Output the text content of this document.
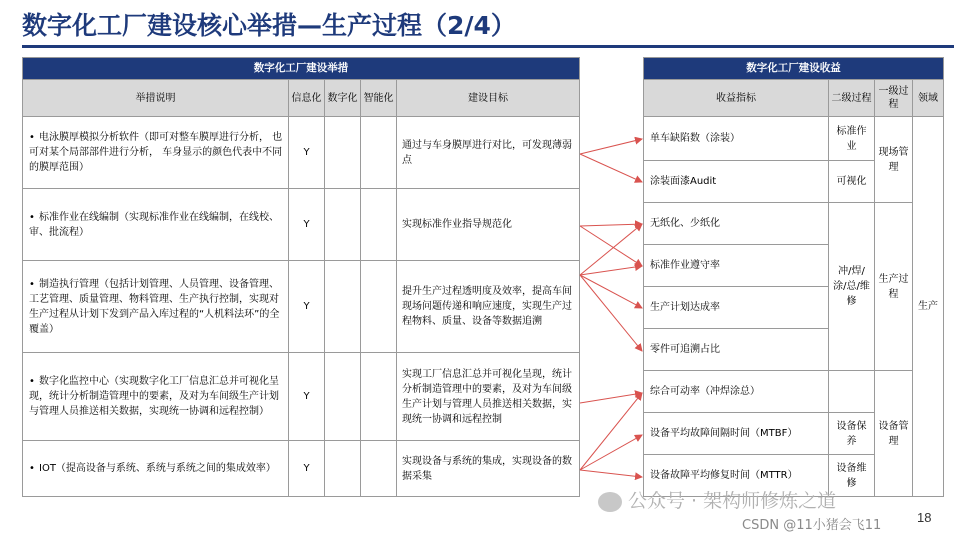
数字化工厂建设核心举措—生产过程（2/4）
数字化工厂建设举措				
举措说明	信息化	数字化	智能化	建设目标
• 电泳膜厚模拟分析软件（即可对整车膜厚进行分析， 也可对某个局部部件进行分析， 车身显示的颜色代表中不同的膜厚范围）	Y			通过与车身膜厚进行对比，可发现薄弱点
• 标准作业在线编制（实现标准作业在线编制，在线校、审、批流程）	Y			实现标准作业指导规范化
• 制造执行管理（包括计划管理、人员管理、设备管理、工艺管理、质量管理、物料管理、生产执行控制，实现对生产过程从计划下发到产品入库过程的“人机料法环”的全覆盖）	Y			提升生产过程透明度及效率，提高车间现场问题传递和响应速度，实现生产过程物料、质量、设备等数据追溯
• 数字化监控中心（实现数字化工厂信息汇总并可视化呈现，统计分析制造管理中的要素，及对为车间级生产计划与管理人员推送相关数据，实现统一协调和远程控制）	Y			实现工厂信息汇总并可视化呈现，统计分析制造管理中的要素，及对为车间级生产计划与管理人员推送相关数据，实现统一协调和远程控制
• IOT（提高设备与系统、系统与系统之间的集成效率）	Y			实现设备与系统的集成，实现设备的数据采集
数字化工厂建设收益			
收益指标	二级过程	一级过程	领域
单车缺陷数（涂装）	标准作业	现场管理	生产
涂装面漆Audit	可视化		
无纸化、少纸化	冲/焊/涂/总/维修	生产过程	
标准作业遵守率			
生产计划达成率			
零件可追溯占比			
综合可动率（冲焊涂总）		设备管理	
设备平均故障间隔时间（MTBF）	设备保养		
设备故障平均修复时间（MTTR）	设备维修		
公众号 · 架构师修炼之道
CSDN @11小猪会飞11
18
